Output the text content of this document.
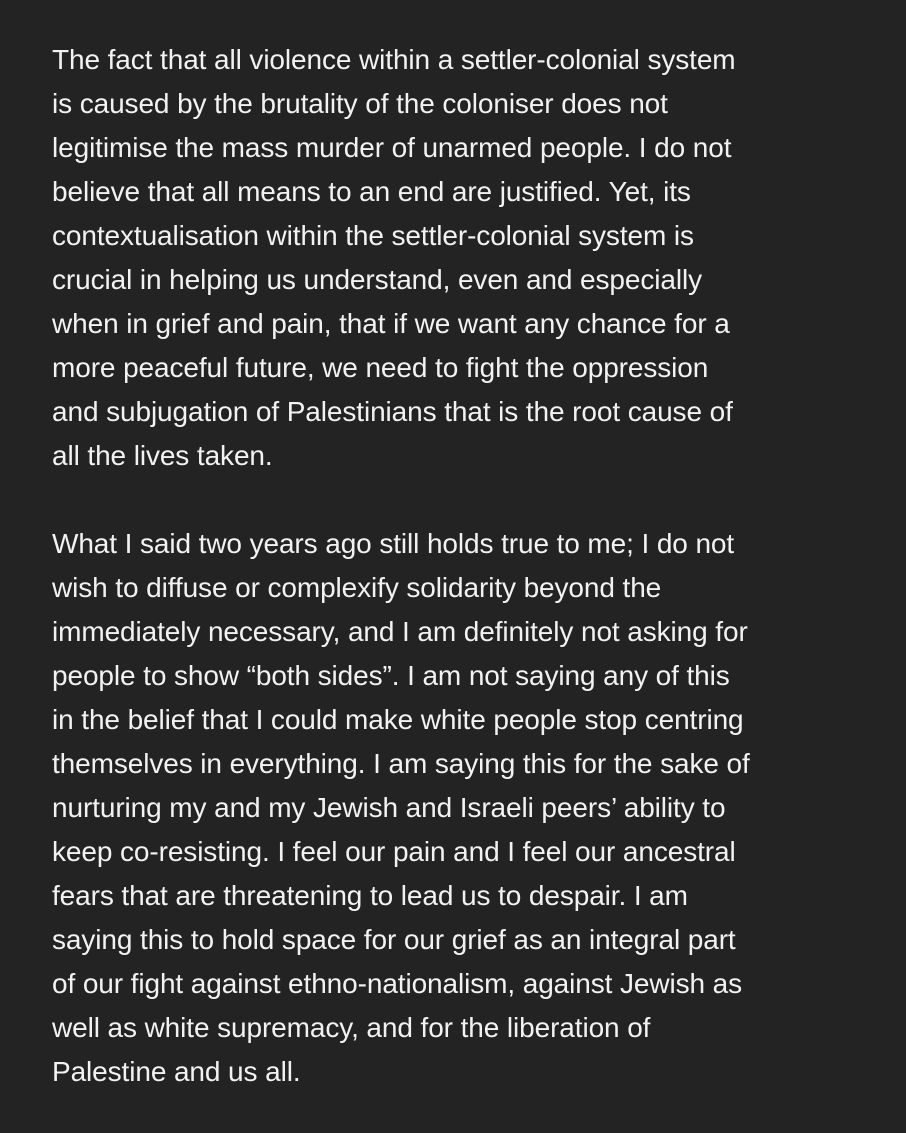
The fact that all violence within a settler-colonial system
is caused by the brutality of the coloniser does not
legitimise the mass murder of unarmed people. I do not
believe that all means to an end are justified. Yet, its
contextualisation within the settler-colonial system is
crucial in helping us understand, even and especially
when in grief and pain, that if we want any chance for a
more peaceful future, we need to fight the oppression
and subjugation of Palestinians that is the root cause of
all the lives taken.
What I said two years ago still holds true to me; I do not
wish to diffuse or complexify solidarity beyond the
immediately necessary, and I am definitely not asking for
people to show “both sides”. I am not saying any of this
in the belief that I could make white people stop centring
themselves in everything. I am saying this for the sake of
nurturing my and my Jewish and Israeli peers’ ability to
keep co-resisting. I feel our pain and I feel our ancestral
fears that are threatening to lead us to despair. I am
saying this to hold space for our grief as an integral part
of our fight against ethno-nationalism, against Jewish as
well as white supremacy, and for the liberation of
Palestine and us all.
